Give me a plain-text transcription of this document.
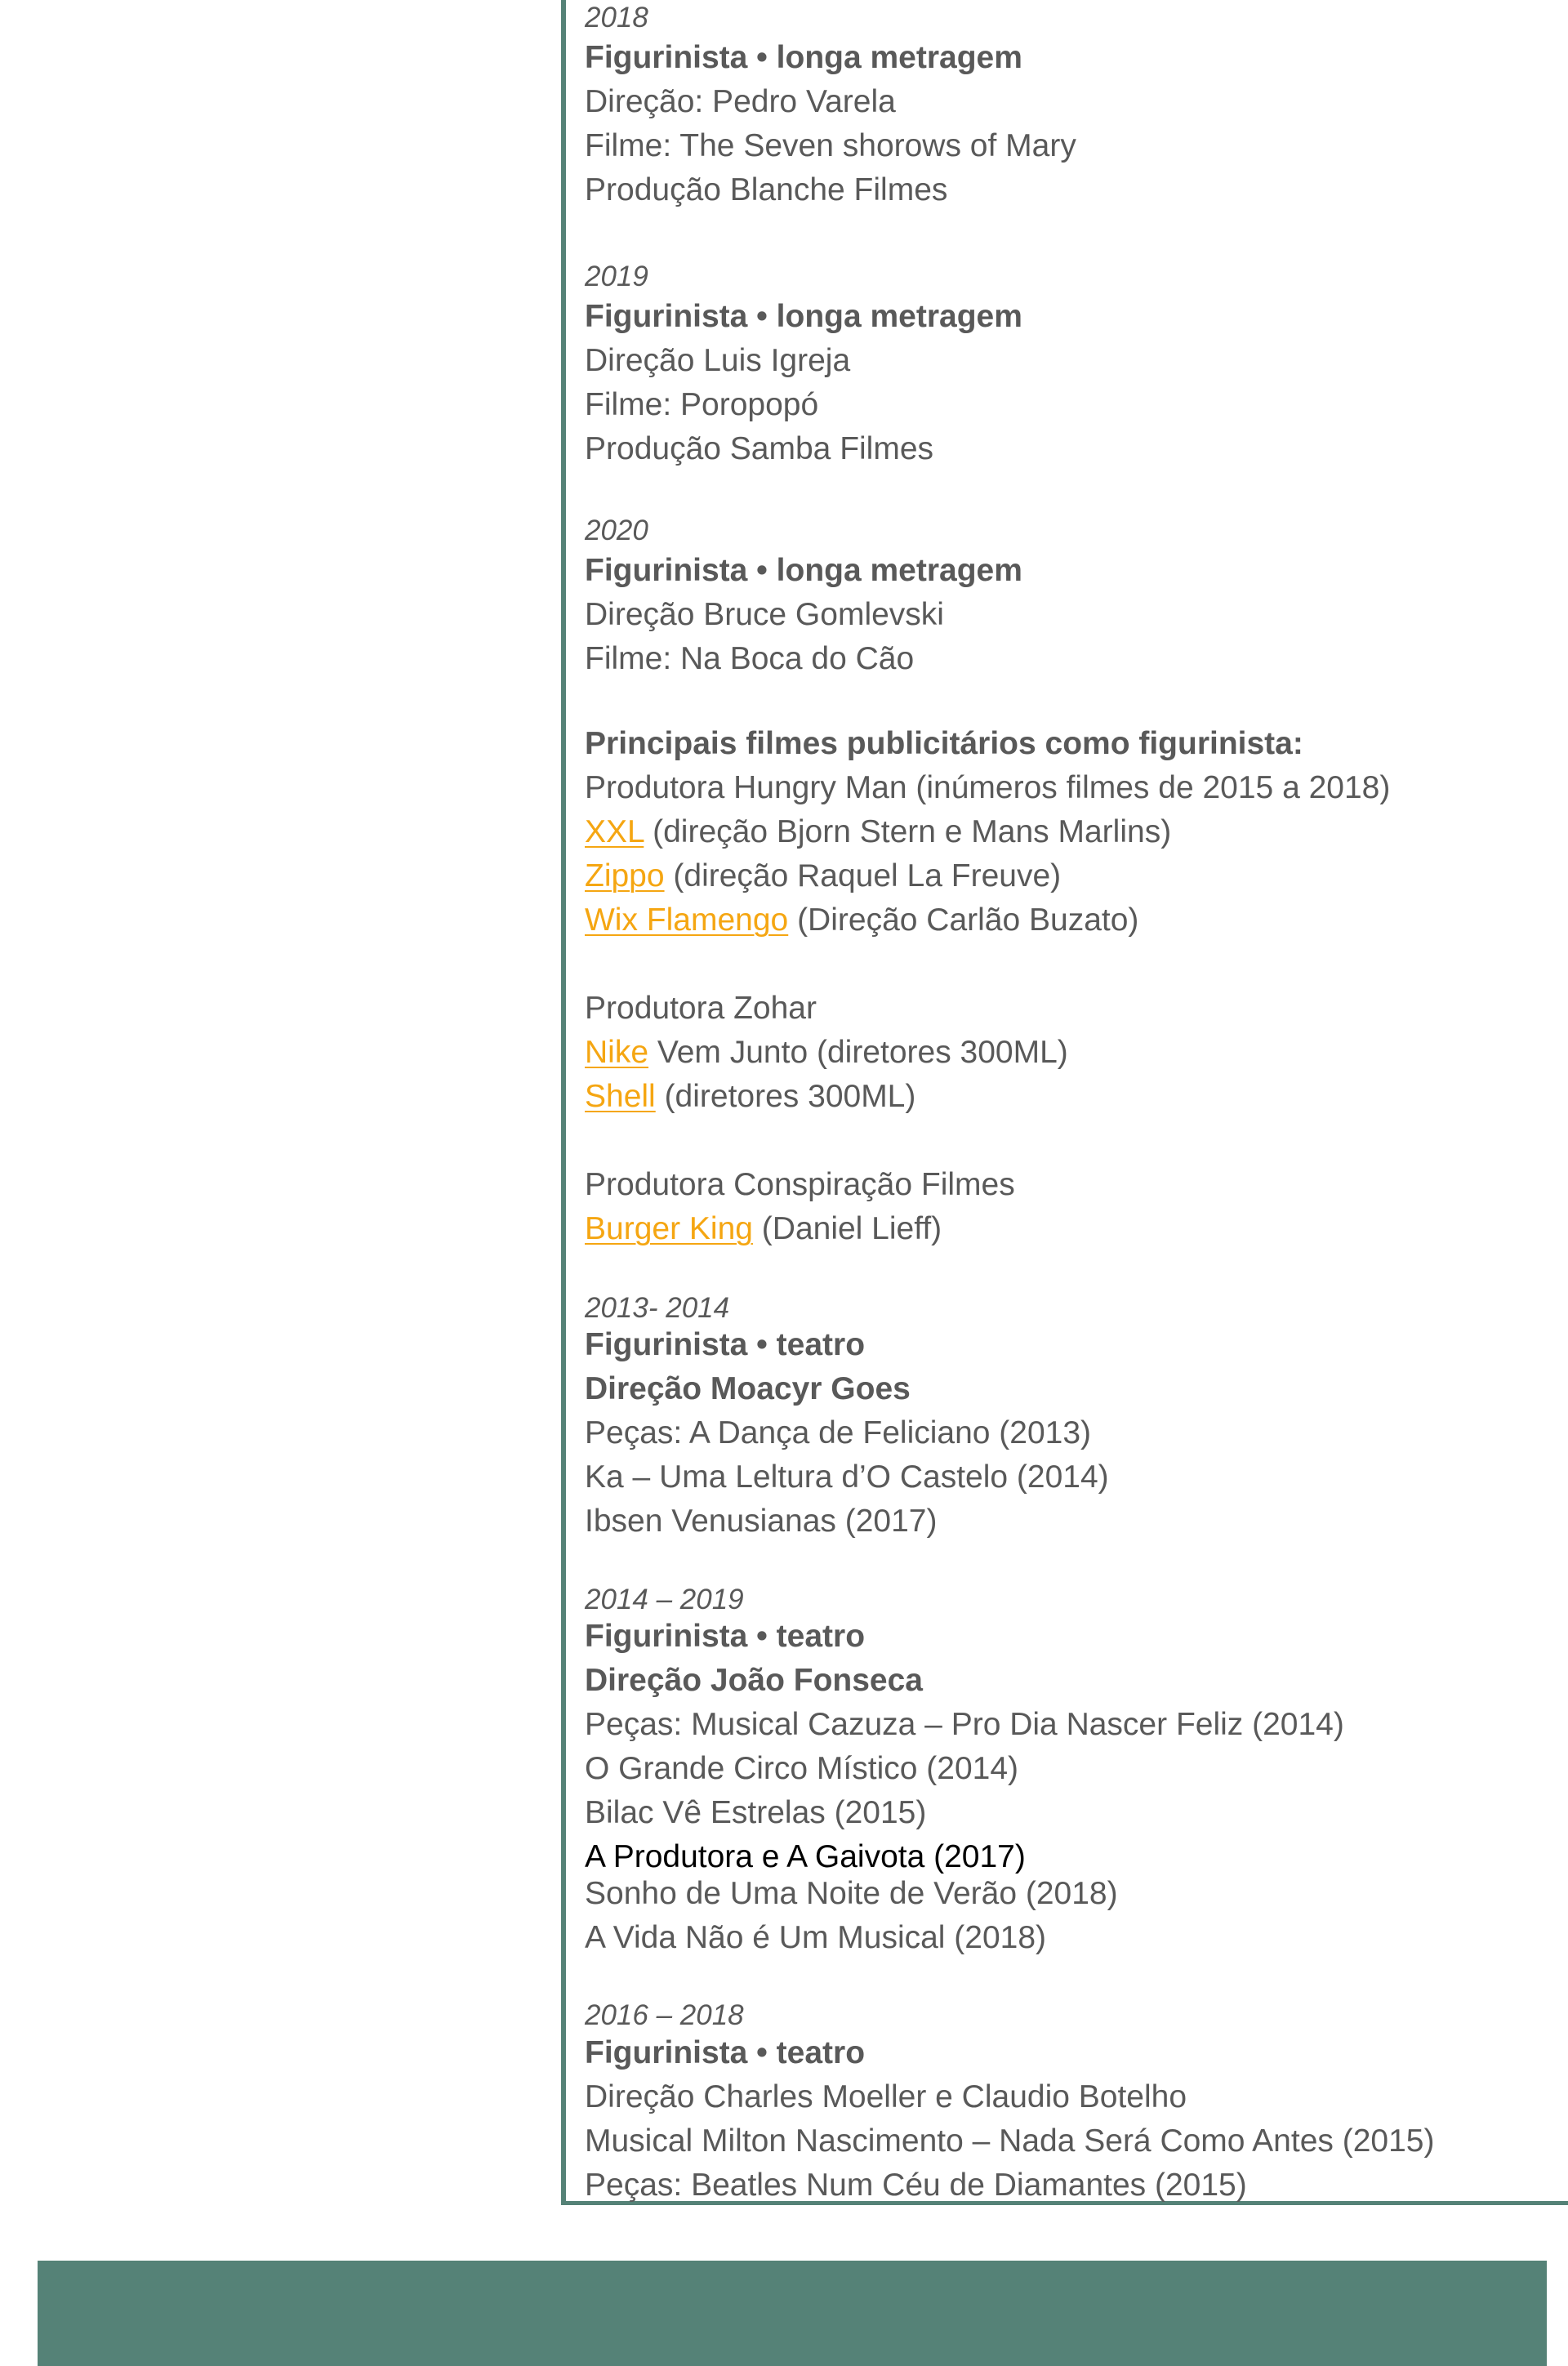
2018
Figurinista • longa metragem
Direção: Pedro Varela
Filme: The Seven shorows of Mary
Produção Blanche Filmes
2019
Figurinista • longa metragem
Direção Luis Igreja
Filme: Poropopó
Produção Samba Filmes
2020
Figurinista • longa metragem
Direção Bruce Gomlevski
Filme: Na Boca do Cão
Principais filmes publicitários como figurinista:
Produtora Hungry Man (inúmeros filmes de 2015 a 2018)
XXL (direção Bjorn Stern e Mans Marlins)
Zippo (direção Raquel La Freuve)
Wix Flamengo (Direção Carlão Buzato)
Produtora Zohar
Nike Vem Junto (diretores 300ML)
Shell (diretores 300ML)
Produtora Conspiração Filmes
Burger King (Daniel Lieff)
2013- 2014
Figurinista • teatro
Direção Moacyr Goes
Peças: A Dança de Feliciano (2013)
Ka – Uma Leltura d’O Castelo (2014)
Ibsen Venusianas (2017)
2014 – 2019
Figurinista • teatro
Direção João Fonseca
Peças: Musical Cazuza – Pro Dia Nascer Feliz (2014)
O Grande Circo Místico (2014)
Bilac Vê Estrelas (2015)
A Produtora e A Gaivota (2017)
Sonho de Uma Noite de Verão (2018)
A Vida Não é Um Musical (2018)
2016 – 2018
Figurinista • teatro
Direção Charles Moeller e Claudio Botelho
Musical Milton Nascimento – Nada Será Como Antes (2015)
Peças: Beatles Num Céu de Diamantes (2015)
